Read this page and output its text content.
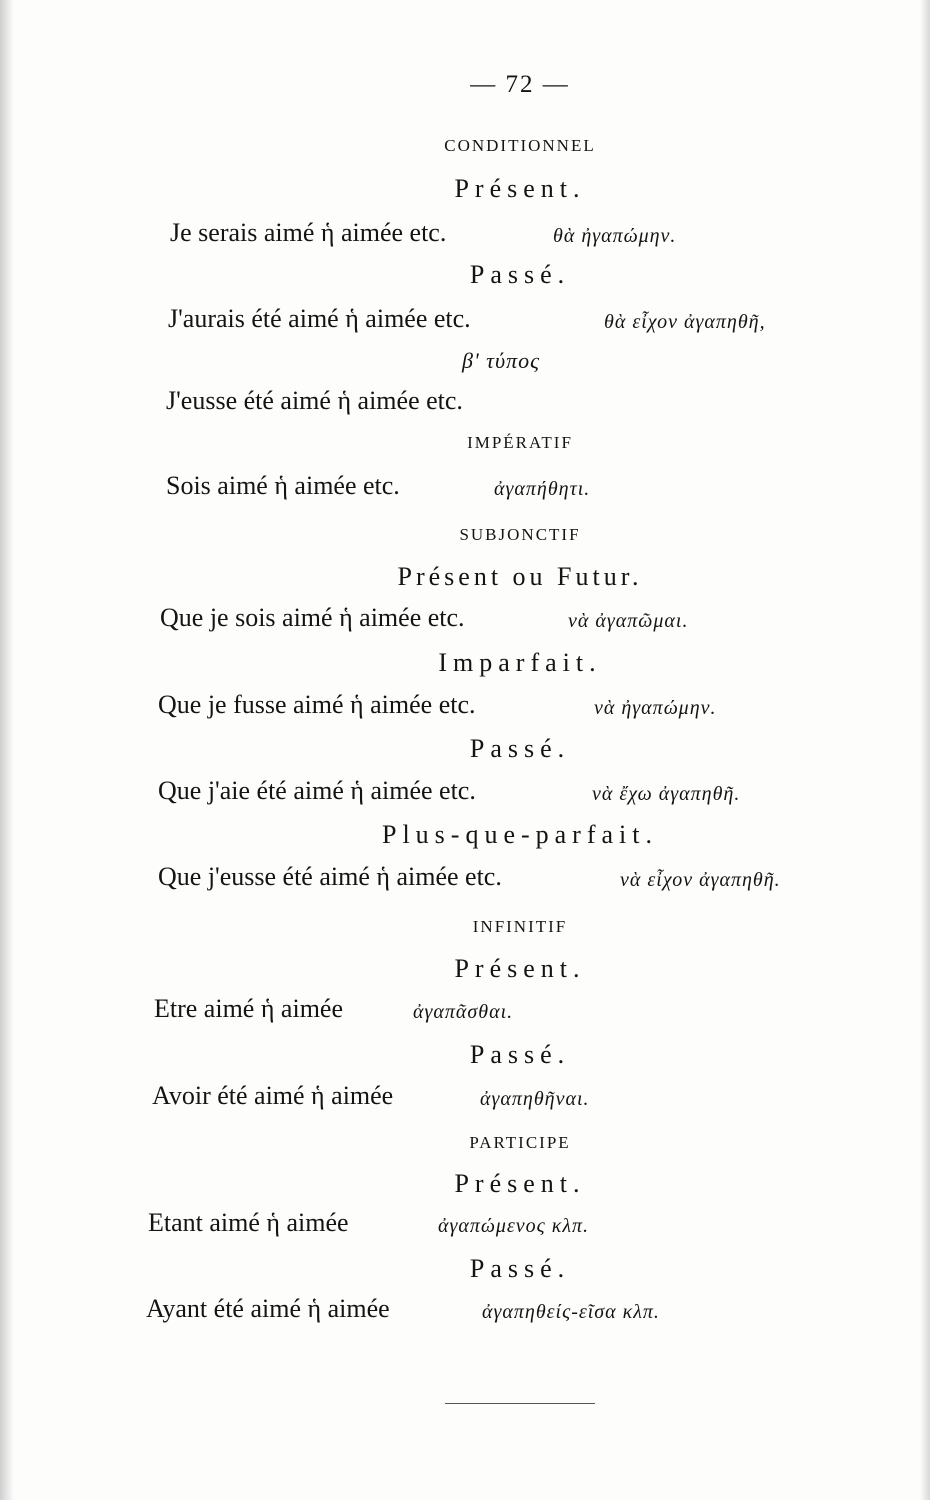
— 72 —
CONDITIONNEL
Présent.
Je serais aimé ἡ aimée etc.	θὰ ἠγαπώμην.
Passé.
J'aurais été aimé ἡ aimée etc.	θὰ εἶχον ἀγαπηθῆ,
β' τύπος
J'eusse été aimé ἡ aimée etc.
IMPÉRATIF
Sois aimé ἡ aimée etc.	ἀγαπήθητι.
SUBJONCTIF
Présent ou Futur.
Que je sois aimé ἡ aimée etc.	νὰ ἀγαπῶμαι.
Imparfait.
Que je fusse aimé ἡ aimée etc.	νὰ ἠγαπώμην.
Passé.
Que j'aie été aimé ἡ aimée etc.	νὰ ἔχω ἀγαπηθῆ.
Plus-que-parfait.
Que j'eusse été aimé ἡ aimée etc.	νὰ εἶχον ἀγαπηθῆ.
INFINITIF
Présent.
Etre aimé ἡ aimée	ἀγαπᾶσθαι.
Passé.
Avoir été aimé ἡ aimée	ἀγαπηθῆναι.
PARTICIPE
Présent.
Etant aimé ἡ aimée	ἀγαπώμενος κλπ.
Passé.
Ayant été aimé ἡ aimée	ἀγαπηθείς-εῖσα κλπ.
